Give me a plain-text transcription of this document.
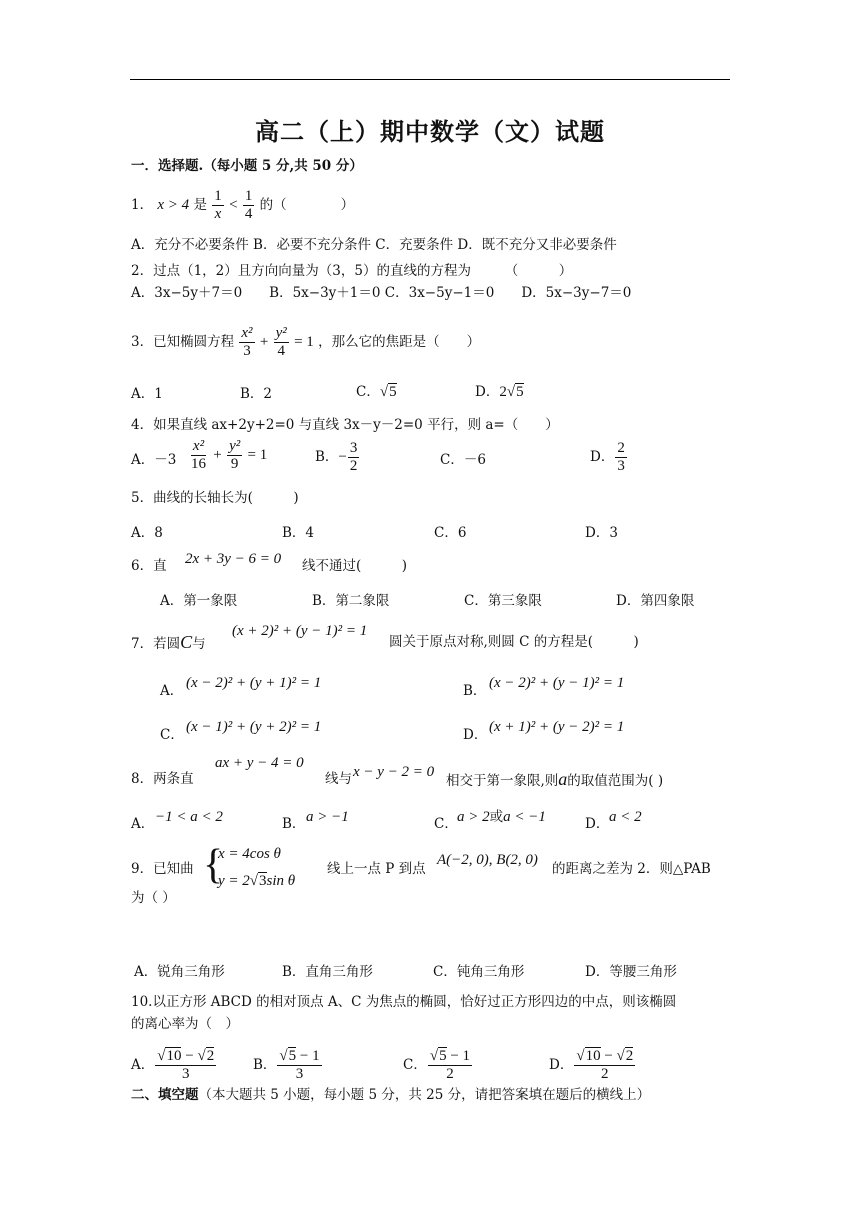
高二（上）期中数学（文）试题
一．选择题.（每小题 5 分,共 50 分）
1． x > 4 是 $\frac{1}{x} < \frac{1}{4}$ 的（　　　　）
A．充分不必要条件 B．必要不充分条件 C．充要条件 D．既不充分又非必要条件
2．过点（1，2）且方向向量为（3，5）的直线的方程为　　　（　　　）
A．3x−5y＋7＝0　　B．5x−3y＋1＝0 C．3x−5y−1＝0　　D．5x−3y−7＝0
3．已知椭圆方程 $\frac{\text{x²}}{3} + \frac{\text{y²}}{4} = 1$ ，那么它的焦距是（　　）
A．1	B．2	C．√5	D．2√5
4．如果直线 ax+2y+2=0 与直线 3x－y－2=0 平行，则 a=（　　）
A．$-3 \frac{\text{x²}}{16} + \frac{\text{y²}}{9} = 1$	B．− $\frac{3}{2}$	C．－6	D． $\frac{2}{3}$
5．曲线的长轴长为(　　　)
A．8	B．4	C．6	D．3
6．直 2x + 3y − 6 = 0 线不通过(　　　)
A．第一象限	B．第二象限	C．第三象限	D．第四象限
7．若圆C与
(x + 2)² + (y − 1)² = 1
圆关于原点对称,则圆 C 的方程是(　　　)
A． (x − 2)² + (y + 1)² = 1	B． (x − 2)² + (y − 1)² = 1
C． (x − 1)² + (y + 2)² = 1	D． (x + 1)² + (y − 2)² = 1
8．两条直
ax + y − 4 = 0
线与 x − y − 2 = 0
相交于第一象限,则a的取值范围为( )
A． −1 < a < 2	B． a > −1	C． a > 2或a < −1	D． a < 2
9．已知曲 {
x = 4cos θ
y = 2√3sin θ
线上一点 P 到点
A(−2, 0), B(2, 0)
的距离之差为 2．则△PAB
为（ ）
A．锐角三角形	B．直角三角形	C．钝角三角形	D．等腰三角形
10.以正方形 ABCD 的相对顶点 A、C 为焦点的椭圆，恰好过正方形四边的中点，则该椭圆
的离心率为（　）
A． $\frac{√10 - √2}{3}$	B． $\frac{√5 - 1}{3}$	C． $\frac{√5 - 1}{2}$	D． $\frac{√10 - √2}{2}$
二、填空题（本大题共 5 小题，每小题 5 分，共 25 分，请把答案填在题后的横线上）
